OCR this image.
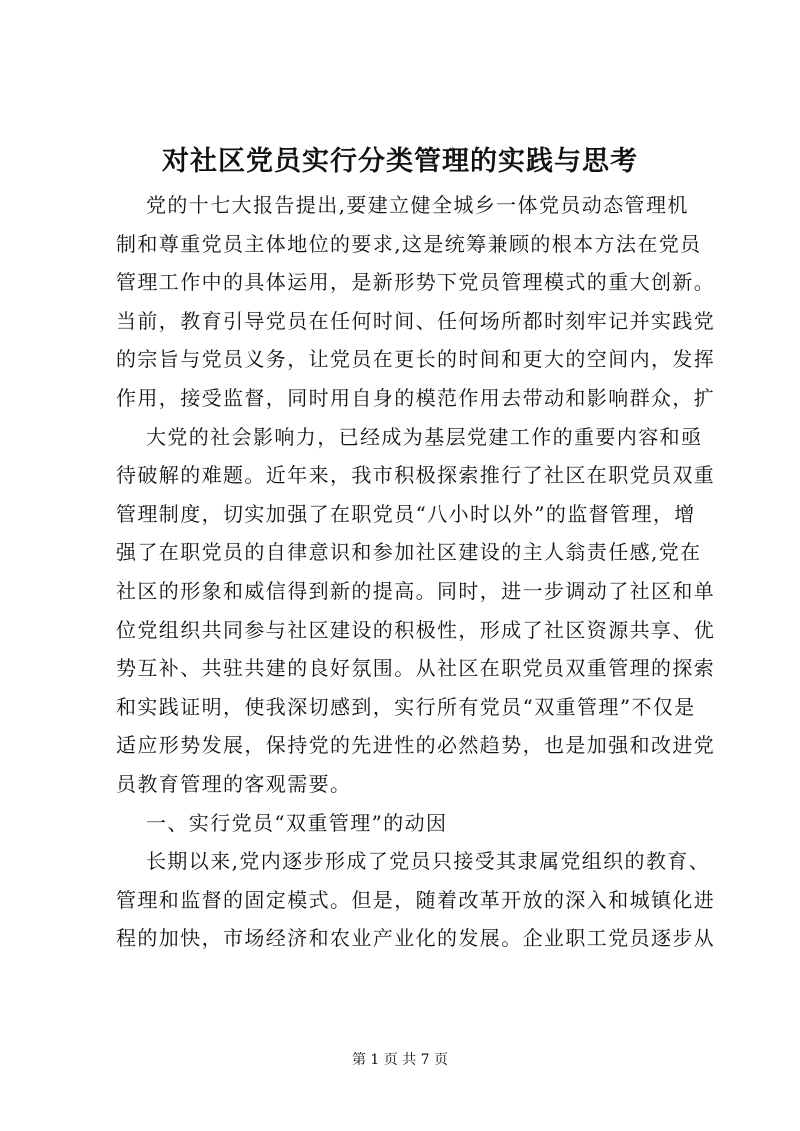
对社区党员实行分类管理的实践与思考
党的十七大报告提出,要建立健全城乡一体党员动态管理机
制和尊重党员主体地位的要求,这是统筹兼顾的根本方法在党员
管理工作中的具体运用，是新形势下党员管理模式的重大创新。
当前，教育引导党员在任何时间、任何场所都时刻牢记并实践党
的宗旨与党员义务，让党员在更长的时间和更大的空间内，发挥
作用，接受监督，同时用自身的模范作用去带动和影响群众，扩
大党的社会影响力，已经成为基层党建工作的重要内容和亟
待破解的难题。近年来，我市积极探索推行了社区在职党员双重
管理制度，切实加强了在职党员“八小时以外”的监督管理，增
强了在职党员的自律意识和参加社区建设的主人翁责任感,党在
社区的形象和威信得到新的提高。同时，进一步调动了社区和单
位党组织共同参与社区建设的积极性，形成了社区资源共享、优
势互补、共驻共建的良好氛围。从社区在职党员双重管理的探索
和实践证明，使我深切感到，实行所有党员“双重管理”不仅是
适应形势发展，保持党的先进性的必然趋势，也是加强和改进党
员教育管理的客观需要。
一、实行党员“双重管理”的动因
长期以来,党内逐步形成了党员只接受其隶属党组织的教育、
管理和监督的固定模式。但是，随着改革开放的深入和城镇化进
程的加快，市场经济和农业产业化的发展。企业职工党员逐步从
第 1 页 共 7 页
